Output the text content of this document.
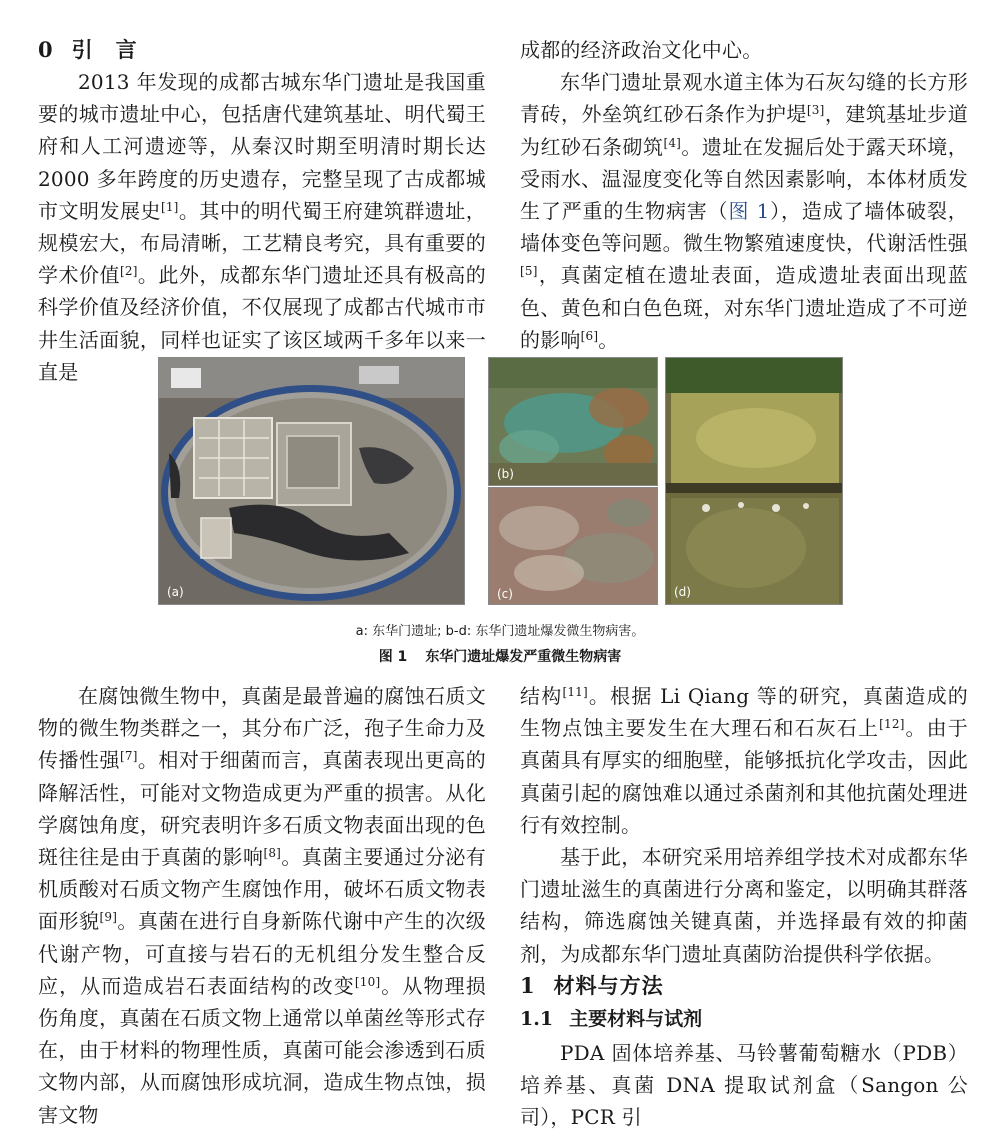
0 引　言

2013 年发现的成都古城东华门遗址是我国重要的城市遗址中心，包括唐代建筑基址、明代蜀王府和人工河遗迹等，从秦汉时期至明清时期长达 2000 多年跨度的历史遗存，完整呈现了古成都城市文明发展史[1]。其中的明代蜀王府建筑群遗址，规模宏大，布局清晰，工艺精良考究，具有重要的学术价值[2]。此外，成都东华门遗址还具有极高的科学价值及经济价值，不仅展现了成都古代城市市井生活面貌，同样也证实了该区域两千多年以来一直是

成都的经济政治文化中心。

东华门遗址景观水道主体为石灰勾缝的长方形青砖，外垒筑红砂石条作为护堤[3]，建筑基址步道为红砂石条砌筑[4]。遗址在发掘后处于露天环境，受雨水、温湿度变化等自然因素影响，本体材质发生了严重的生物病害（图 1），造成了墙体破裂，墙体变色等问题。微生物繁殖速度快，代谢活性强[5]，真菌定植在遗址表面，造成遗址表面出现蓝色、黄色和白色色斑，对东华门遗址造成了不可逆的影响[6]。

(a)
(b)
(c)	(d)
a: 东华门遗址; b-d: 东华门遗址爆发微生物病害。
图 1 东华门遗址爆发严重微生物病害

在腐蚀微生物中，真菌是最普遍的腐蚀石质文物的微生物类群之一，其分布广泛，孢子生命力及传播性强[7]。相对于细菌而言，真菌表现出更高的降解活性，可能对文物造成更为严重的损害。从化学腐蚀角度，研究表明许多石质文物表面出现的色斑往往是由于真菌的影响[8]。真菌主要通过分泌有机质酸对石质文物产生腐蚀作用，破坏石质文物表面形貌[9]。真菌在进行自身新陈代谢中产生的次级代谢产物，可直接与岩石的无机组分发生整合反应，从而造成岩石表面结构的改变[10]。从物理损伤角度，真菌在石质文物上通常以单菌丝等形式存在，由于材料的物理性质，真菌可能会渗透到石质文物内部，从而腐蚀形成坑洞，造成生物点蚀，损害文物

结构[11]。根据 Li Qiang 等的研究，真菌造成的生物点蚀主要发生在大理石和石灰石上[12]。由于真菌具有厚实的细胞壁，能够抵抗化学攻击，因此真菌引起的腐蚀难以通过杀菌剂和其他抗菌处理进行有效控制。

基于此，本研究采用培养组学技术对成都东华门遗址滋生的真菌进行分离和鉴定，以明确其群落结构，筛选腐蚀关键真菌，并选择最有效的抑菌剂，为成都东华门遗址真菌防治提供科学依据。

1 材料与方法
1.1 主要材料与试剂

PDA 固体培养基、马铃薯葡萄糖水（PDB）培养基、真菌 DNA 提取试剂盒（Sangon 公司），PCR 引
